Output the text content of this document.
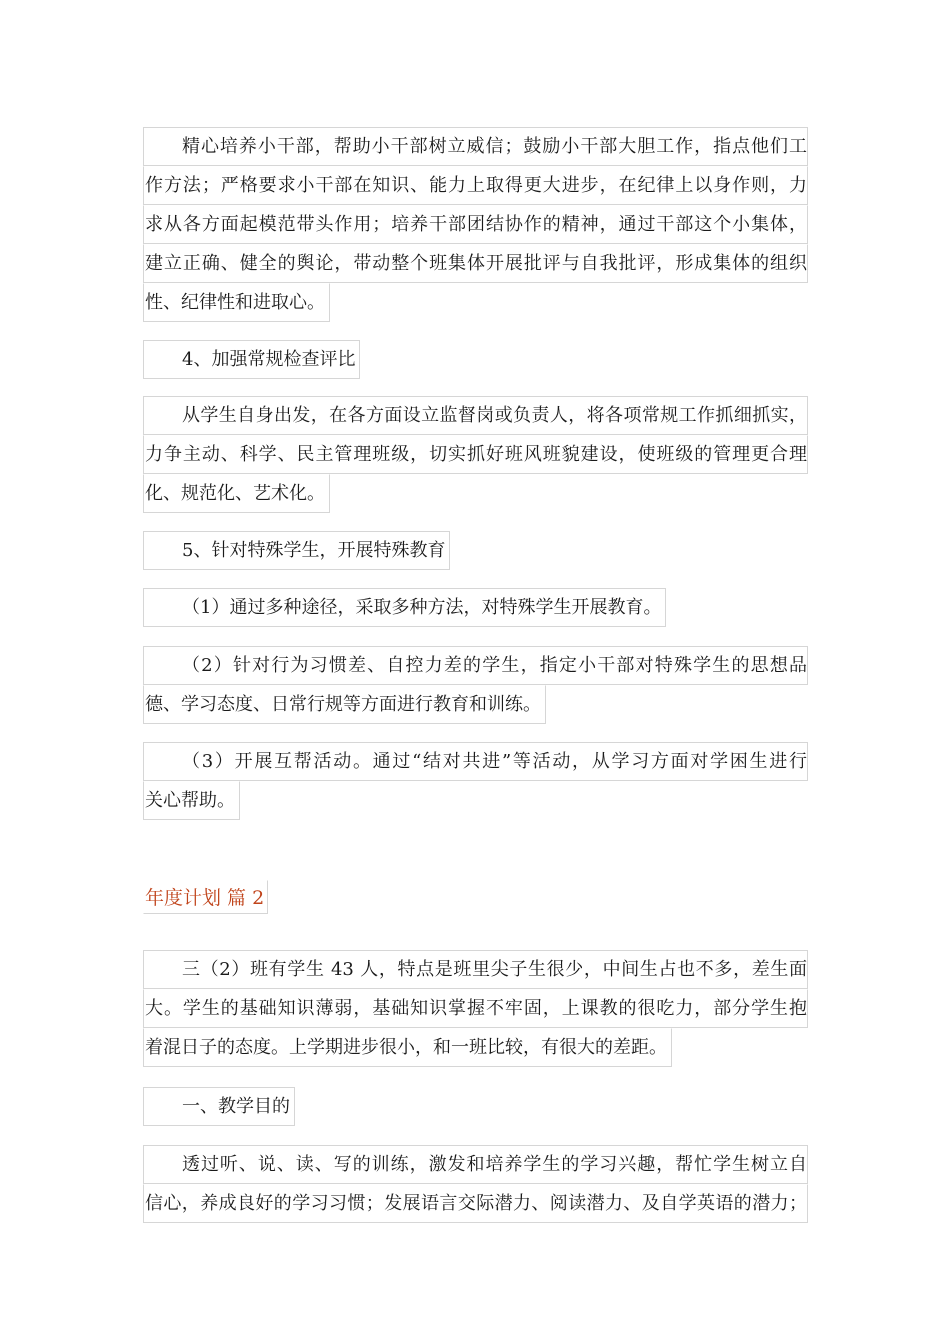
精心培养小干部，帮助小干部树立威信；鼓励小干部大胆工作，指点他们工
作方法；严格要求小干部在知识、能力上取得更大进步，在纪律上以身作则，力
求从各方面起模范带头作用；培养干部团结协作的精神，通过干部这个小集体，
建立正确、健全的舆论，带动整个班集体开展批评与自我批评，形成集体的组织
性、纪律性和进取心。
4、加强常规检查评比
从学生自身出发，在各方面设立监督岗或负责人，将各项常规工作抓细抓实，
力争主动、科学、民主管理班级，切实抓好班风班貌建设，使班级的管理更合理
化、规范化、艺术化。
5、针对特殊学生，开展特殊教育
（1）通过多种途径，采取多种方法，对特殊学生开展教育。
（2）针对行为习惯差、自控力差的学生，指定小干部对特殊学生的思想品
德、学习态度、日常行规等方面进行教育和训练。
（3）开展互帮活动。通过“结对共进”等活动，从学习方面对学困生进行
关心帮助。
年度计划 篇 2
三（2）班有学生 43 人，特点是班里尖子生很少，中间生占也不多，差生面
大。学生的基础知识薄弱，基础知识掌握不牢固，上课教的很吃力，部分学生抱
着混日子的态度。上学期进步很小，和一班比较，有很大的差距。
一、教学目的
透过听、说、读、写的训练，激发和培养学生的学习兴趣，帮忙学生树立自
信心，养成良好的学习习惯；发展语言交际潜力、阅读潜力、及自学英语的潜力；
